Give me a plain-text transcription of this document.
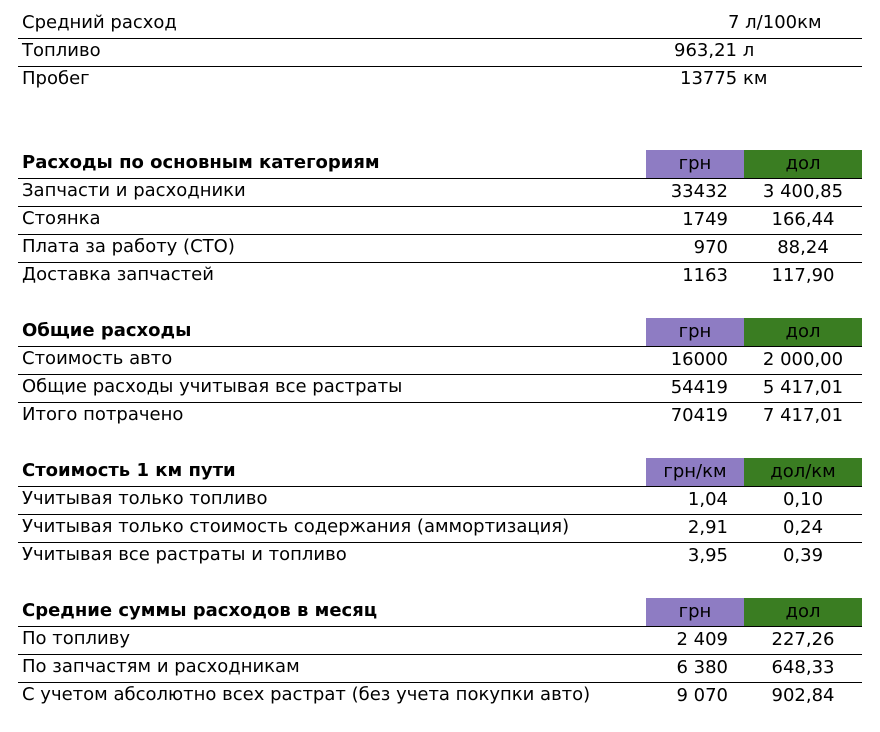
Средний расход	7 л/100км
Топливо	963,21 л
Пробег	13775 км
Расходы по основным категориям	грн	дол
Запчасти и расходники	33432	3 400,85
Стоянка	1749	166,44
Плата за работу (СТО)	970	88,24
Доставка запчастей	1163	117,90
Общие расходы	грн	дол
Стоимость авто	16000	2 000,00
Общие расходы учитывая все растраты	54419	5 417,01
Итого потрачено	70419	7 417,01
Стоимость 1 км пути	грн/км	дол/км
Учитывая только топливо	1,04	0,10
Учитывая только стоимость содержания (аммортизация)	2,91	0,24
Учитывая все растраты и топливо	3,95	0,39
Средние суммы расходов в месяц	грн	дол
По топливу	2 409	227,26
По запчастям и расходникам	6 380	648,33
С учетом абсолютно всех растрат (без учета покупки авто)	9 070	902,84
